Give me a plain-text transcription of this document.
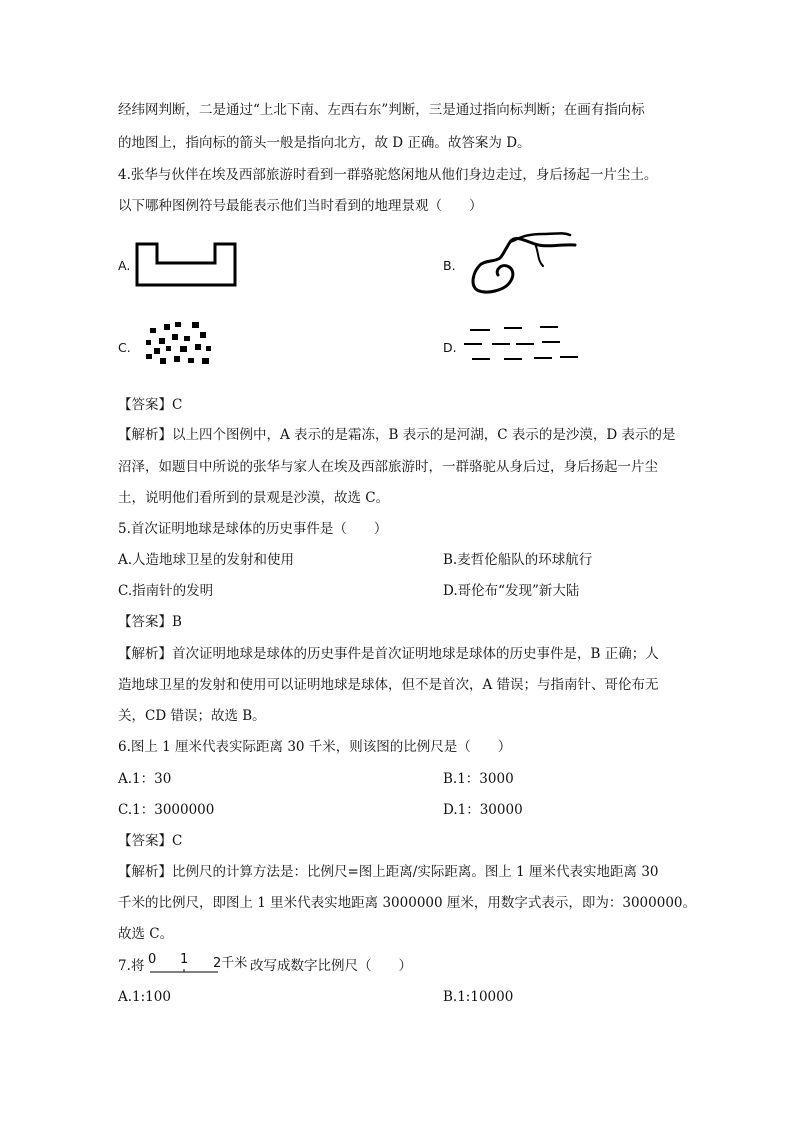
经纬网判断，二是通过“上北下南、左西右东”判断，三是通过指向标判断；在画有指向标
的地图上，指向标的箭头一般是指向北方，故 D 正确。故答案为 D。
4.张华与伙伴在埃及西部旅游时看到一群骆驼悠闲地从他们身边走过，身后扬起一片尘土。
以下哪种图例符号最能表示他们当时看到的地理景观（　　）
A.	B.
C.	D.
【答案】C
【解析】以上四个图例中，A 表示的是霜冻，B 表示的是河湖，C 表示的是沙漠，D 表示的是
沼泽，如题目中所说的张华与家人在埃及西部旅游时，一群骆驼从身后过，身后扬起一片尘
土，说明他们看所到的景观是沙漠，故选 C。
5.首次证明地球是球体的历史事件是（　　）
A.人造地球卫星的发射和使用	B.麦哲伦船队的环球航行
C.指南针的发明	D.哥伦布“发现”新大陆
【答案】B
【解析】首次证明地球是球体的历史事件是首次证明地球是球体的历史事件是，B 正确；人
造地球卫星的发射和使用可以证明地球是球体，但不是首次，A 错误；与指南针、哥伦布无
关，CD 错误；故选 B。
6.图上 1 厘米代表实际距离 30 千米，则该图的比例尺是（　　）
A.1：30	B.1：3000
C.1：3000000	D.1：30000
【答案】C
【解析】比例尺的计算方法是：比例尺=图上距离/实际距离。图上 1 厘米代表实地距离 30
千米的比例尺，即图上 1 里米代表实地距离 3000000 厘米，用数字式表示，即为：3000000。
故选 C。
7.将 0 1 2千米 改写成数字比例尺（　　）
A.1:100	B.1:10000
